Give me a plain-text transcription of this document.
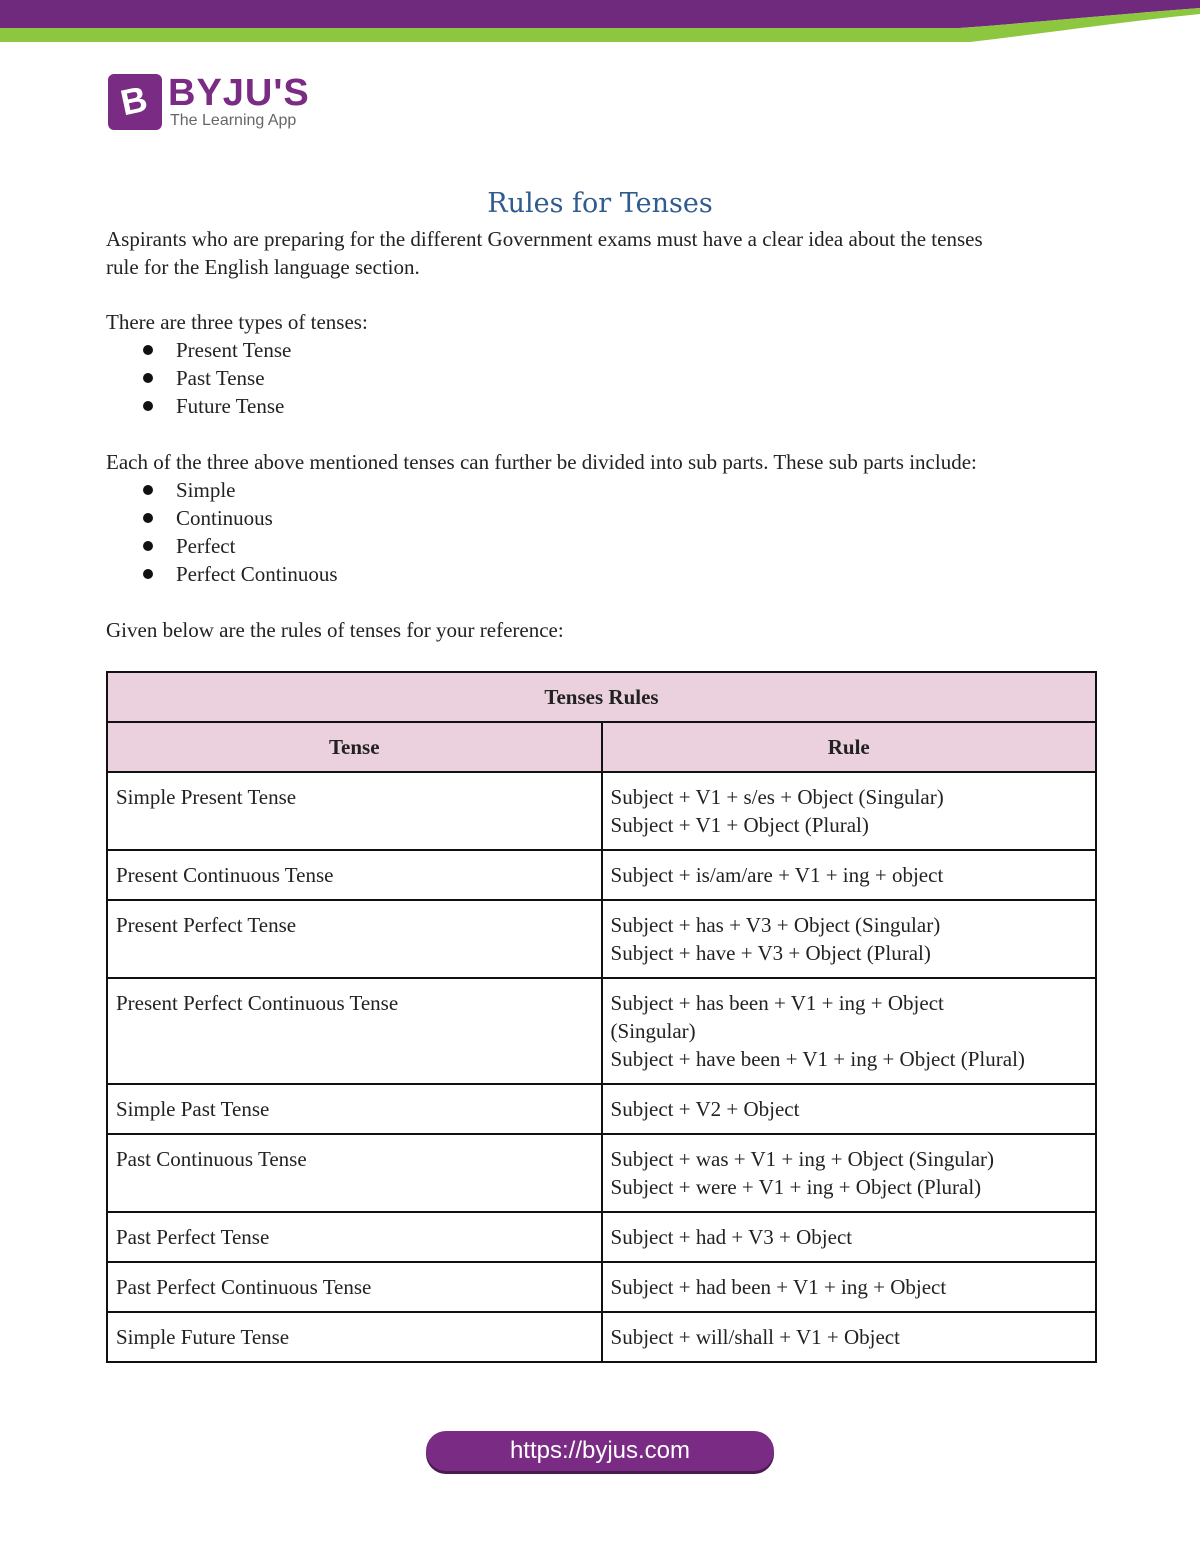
B BYJU'S
The Learning App
Rules for Tenses
Aspirants who are preparing for the different Government exams must have a clear idea about the tenses
rule for the English language section.
There are three types of tenses:
Present Tense
Past Tense
Future Tense
Each of the three above mentioned tenses can further be divided into sub parts. These sub parts include:
Simple
Continuous
Perfect
Perfect Continuous
Given below are the rules of tenses for your reference:
Tenses Rules	
Tense	Rule
Simple Present Tense	Subject + V1 + s/es + Object (Singular)
Subject + V1 + Object (Plural)

Present Continuous Tense	Subject + is/am/are + V1 + ing + object

Present Perfect Tense	Subject + has + V3 + Object (Singular)
Subject + have + V3 + Object (Plural)

Present Perfect Continuous Tense	Subject + has been + V1 + ing + Object
(Singular)
Subject + have been + V1 + ing + Object (Plural)

Simple Past Tense	Subject + V2 + Object

Past Continuous Tense	Subject + was + V1 + ing + Object (Singular)
Subject + were + V1 + ing + Object (Plural)

Past Perfect Tense	Subject + had + V3 + Object

Past Perfect Continuous Tense	Subject + had been + V1 + ing + Object

Simple Future Tense	Subject + will/shall + V1 + Object
https://byjus.com
